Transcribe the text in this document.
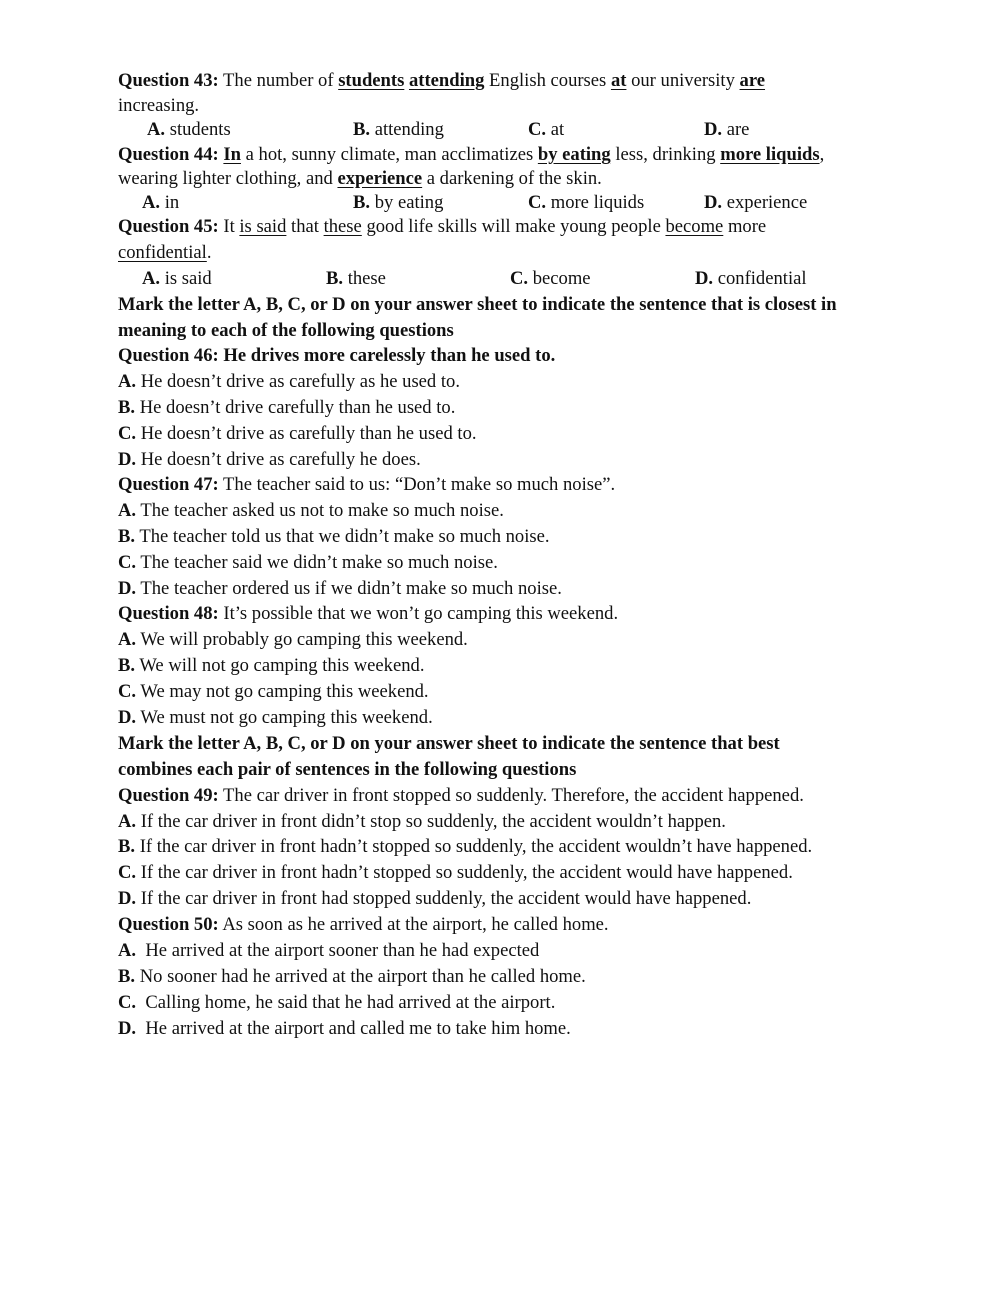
Question 43: The number of students attending English courses at our university are
increasing.
A. students	B. attending	C. at	D. are
Question 44: In a hot, sunny climate, man acclimatizes by eating less, drinking more liquids,
wearing lighter clothing, and experience a darkening of the skin.
A. in	B. by eating	C. more liquids	D. experience
Question 45: It is said that these good life skills will make young people become more
confidential.
A. is said	B. these	C. become	D. confidential
Mark the letter A, B, C, or D on your answer sheet to indicate the sentence that is closest in
meaning to each of the following questions
Question 46: He drives more carelessly than he used to.
A. He doesn’t drive as carefully as he used to.
B. He doesn’t drive carefully than he used to.
C. He doesn’t drive as carefully than he used to.
D. He doesn’t drive as carefully he does.
Question 47: The teacher said to us: “Don’t make so much noise”.
A. The teacher asked us not to make so much noise.
B. The teacher told us that we didn’t make so much noise.
C. The teacher said we didn’t make so much noise.
D. The teacher ordered us if we didn’t make so much noise.
Question 48: It’s possible that we won’t go camping this weekend.
A. We will probably go camping this weekend.
B. We will not go camping this weekend.
C. We may not go camping this weekend.
D. We must not go camping this weekend.
Mark the letter A, B, C, or D on your answer sheet to indicate the sentence that best
combines each pair of sentences in the following questions
Question 49: The car driver in front stopped so suddenly. Therefore, the accident happened.
A. If the car driver in front didn’t stop so suddenly, the accident wouldn’t happen.
B. If the car driver in front hadn’t stopped so suddenly, the accident wouldn’t have happened.
C. If the car driver in front hadn’t stopped so suddenly, the accident would have happened.
D. If the car driver in front had stopped suddenly, the accident would have happened.
Question 50: As soon as he arrived at the airport, he called home.
A.  He arrived at the airport sooner than he had expected
B. No sooner had he arrived at the airport than he called home.
C.  Calling home, he said that he had arrived at the airport.
D.  He arrived at the airport and called me to take him home.
